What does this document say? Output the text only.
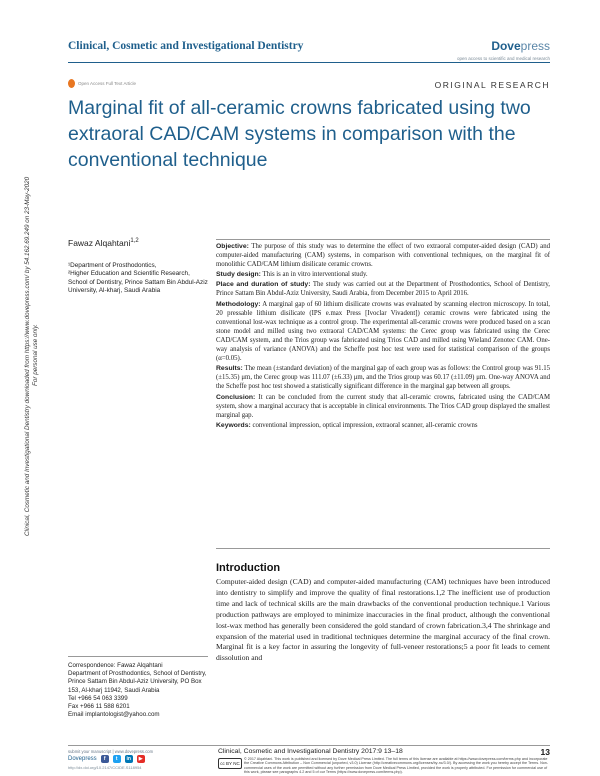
Clinical, Cosmetic and Investigational Dentistry	Dovepress
open access to scientific and medical research
Open Access Full Text Article	ORIGINAL RESEARCH
Marginal fit of all-ceramic crowns fabricated using two extraoral CAD/CAM systems in comparison with the conventional technique
Clinical, Cosmetic and Investigational Dentistry downloaded from https://www.dovepress.com/ by 54.162.69.249 on 23-May-2020 For personal use only.
Fawaz Alqahtani$^{1,2}$
¹Department of Prosthodontics,
²Higher Education and Scientific Research, School of Dentistry, Prince Sattam Bin Abdul-Aziz University, Al-kharj, Saudi Arabia

Objective: The purpose of this study was to determine the effect of two extraoral computer-aided design (CAD) and computer-aided manufacturing (CAM) systems, in comparison with conventional techniques, on the marginal fit of monolithic CAD/CAM lithium disilicate ceramic crowns.

Study design: This is an in vitro interventional study.

Place and duration of study: The study was carried out at the Department of Prosthodontics, School of Dentistry, Prince Sattam Bin Abdul-Aziz University, Saudi Arabia, from December 2015 to April 2016.

Methodology: A marginal gap of 60 lithium disilicate crowns was evaluated by scanning electron microscopy. In total, 20 pressable lithium disilicate (IPS e.max Press [Ivoclar Vivadent]) ceramic crowns were fabricated using the conventional lost-wax technique as a control group. The experimental all-ceramic crowns were produced based on a scan stone model and milled using two extraoral CAD/CAM systems: the Cerec group was fabricated using the Cerec CAD/CAM system, and the Trios group was fabricated using Trios CAD and milled using Wieland Zenotec CAM. One-way analysis of variance (ANOVA) and the Scheffe post hoc test were used for statistical comparison of the groups (α=0.05).

Results: The mean (±standard deviation) of the marginal gap of each group was as follows: the Control group was 91.15 (±15.35) μm, the Cerec group was 111.07 (±6.33) μm, and the Trios group was 60.17 (±11.09) μm. One-way ANOVA and the Scheffe post hoc test showed a statistically significant difference in the marginal gap between all groups.

Conclusion: It can be concluded from the current study that all-ceramic crowns, fabricated using the CAD/CAM system, show a marginal accuracy that is acceptable in clinical environments. The Trios CAD group displayed the smallest marginal gap.

Keywords: conventional impression, optical impression, extraoral scanner, all-ceramic crowns

Introduction

Computer-aided design (CAD) and computer-aided manufacturing (CAM) techniques have been introduced into dentistry to simplify and improve the quality of final restorations.1,2 The inefficient use of production time and lack of technical skills are the main drawbacks of the conventional production technique.1 Various production pathways are employed to minimize inaccuracies in the final product, although the conventional lost-wax method has generally been considered the gold standard of crown fabrication.3,4 The shrinkage and expansion of the material used in traditional techniques determine the marginal accuracy of the final crown. Marginal fit is a key factor in assuring the longevity of full-veneer restorations;5 a poor fit leads to cement dissolution and

Correspondence: Fawaz Alqahtani
Department of Prosthodontics, School of Dentistry, Prince Sattam Bin Abdul-Aziz University, PO Box 153, Al-kharj 11942, Saudi Arabia
Tel +966 54 063 3399
Fax +966 11 588 6201
Email implantologist@yahoo.com
submit your manuscript | www.dovepress.com
Dovepress	f	t	in	▶
http://dx.doi.org/10.2147/CCIDE.S118954
Clinical, Cosmetic and Investigational Dentistry 2017:9 13–18	13
cc BY NC
© 2017 Alqahtani. This work is published and licensed by Dove Medical Press Limited. The full terms of this license are available at https://www.dovepress.com/terms.php and incorporate the Creative Commons Attribution – Non Commercial (unported, v3.0) License (http://creativecommons.org/licenses/by-nc/3.0/). By accessing the work you hereby accept the Terms. Non-commercial uses of the work are permitted without any further permission from Dove Medical Press Limited, provided the work is properly attributed. For permission for commercial use of this work, please see paragraphs 4.2 and 5 of our Terms (https://www.dovepress.com/terms.php).
